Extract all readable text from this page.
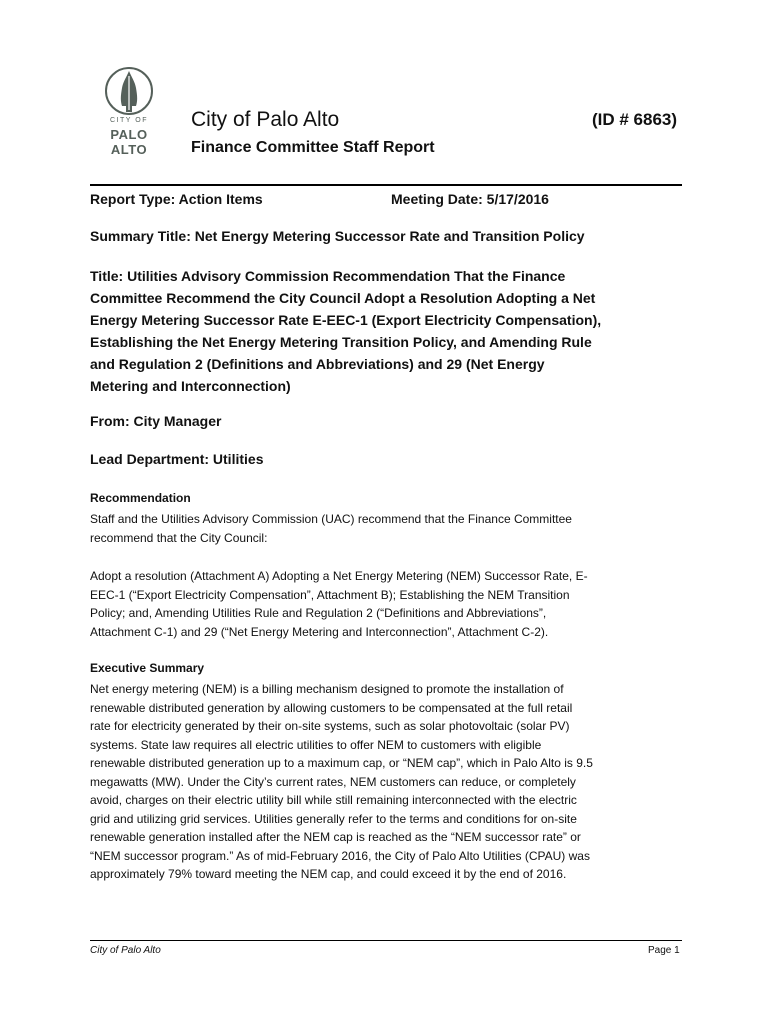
CITY OF
PALO
ALTO
City of Palo Alto	(ID # 6863)
Finance Committee Staff Report
Report Type: Action Items	Meeting Date: 5/17/2016
Summary Title: Net Energy Metering Successor Rate and Transition Policy
Title: Utilities Advisory Commission Recommendation That the Finance
Committee Recommend the City Council Adopt a Resolution Adopting a Net
Energy Metering Successor Rate E-EEC-1 (Export Electricity Compensation),
Establishing the Net Energy Metering Transition Policy, and Amending Rule
and Regulation 2 (Definitions and Abbreviations) and 29 (Net Energy
Metering and Interconnection)
From: City Manager
Lead Department: Utilities
Recommendation
Staff and the Utilities Advisory Commission (UAC) recommend that the Finance Committee
recommend that the City Council:
Adopt a resolution (Attachment A) Adopting a Net Energy Metering (NEM) Successor Rate, E-
EEC-1 (“Export Electricity Compensation”, Attachment B); Establishing the NEM Transition
Policy; and, Amending Utilities Rule and Regulation 2 (“Definitions and Abbreviations”,
Attachment C-1) and 29 (“Net Energy Metering and Interconnection”, Attachment C-2).
Executive Summary
Net energy metering (NEM) is a billing mechanism designed to promote the installation of
renewable distributed generation by allowing customers to be compensated at the full retail
rate for electricity generated by their on-site systems, such as solar photovoltaic (solar PV)
systems. State law requires all electric utilities to offer NEM to customers with eligible
renewable distributed generation up to a maximum cap, or “NEM cap”, which in Palo Alto is 9.5
megawatts (MW). Under the City’s current rates, NEM customers can reduce, or completely
avoid, charges on their electric utility bill while still remaining interconnected with the electric
grid and utilizing grid services. Utilities generally refer to the terms and conditions for on-site
renewable generation installed after the NEM cap is reached as the “NEM successor rate” or
“NEM successor program.” As of mid-February 2016, the City of Palo Alto Utilities (CPAU) was
approximately 79% toward meeting the NEM cap, and could exceed it by the end of 2016.
City of Palo Alto	Page 1
